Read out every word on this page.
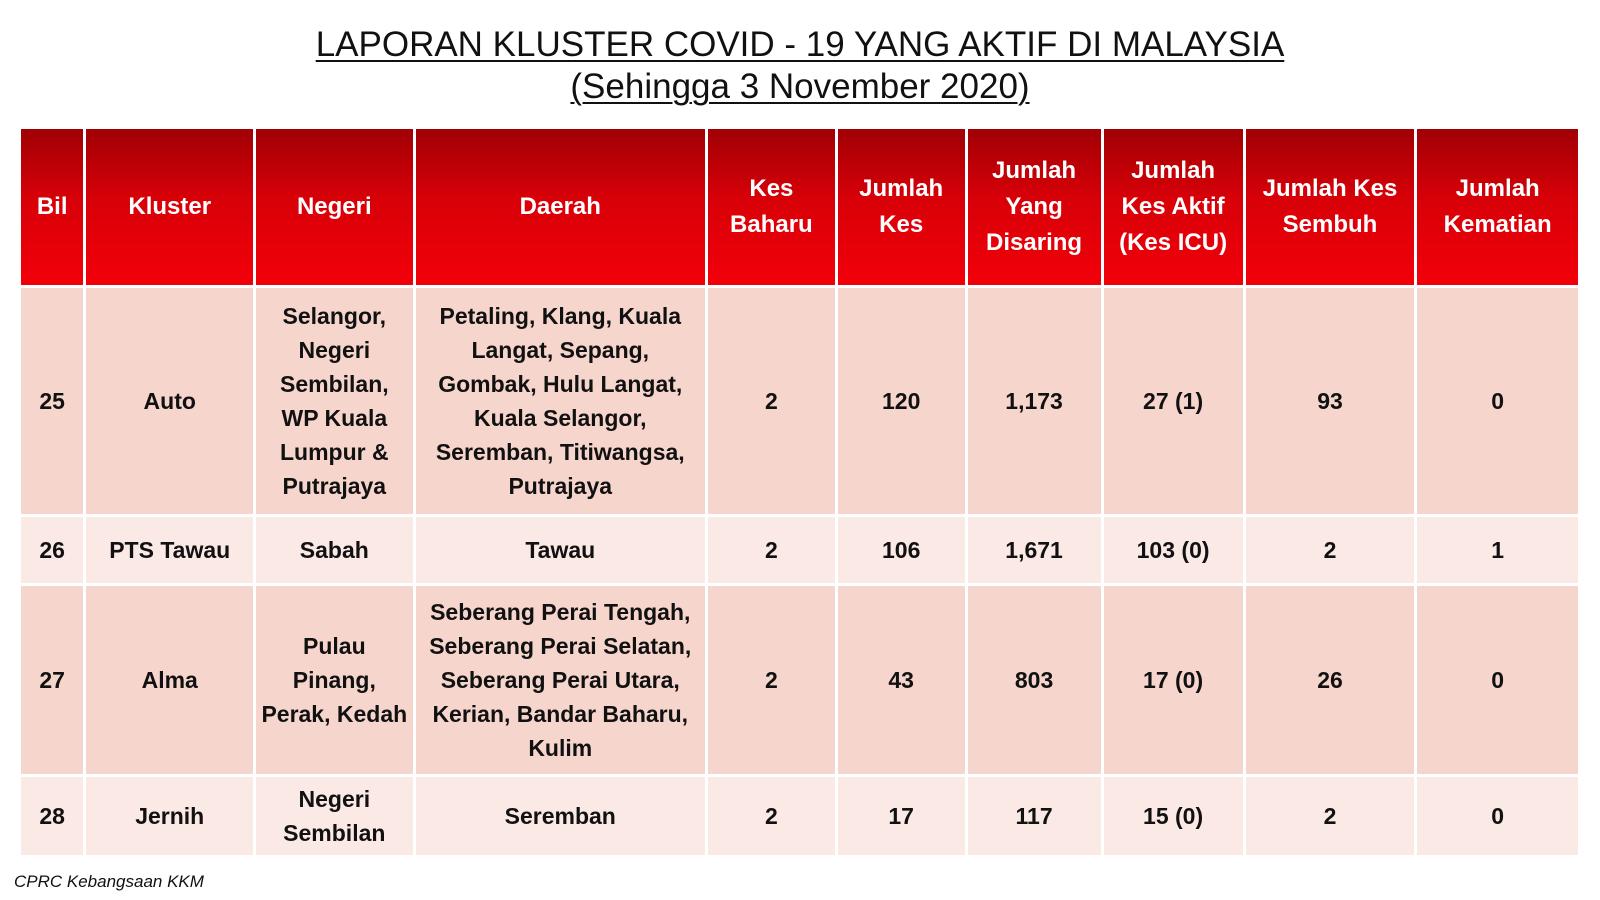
LAPORAN KLUSTER COVID - 19 YANG AKTIF DI MALAYSIA
(Sehingga 3 November 2020)
Bil	Kluster	Negeri	Daerah	Kes Baharu	Jumlah Kes	Jumlah Yang Disaring	Jumlah Kes Aktif (Kes ICU)	Jumlah Kes Sembuh	Jumlah Kematian
25	Auto	Selangor, Negeri Sembilan, WP Kuala Lumpur & Putrajaya	Petaling, Klang, Kuala Langat, Sepang, Gombak, Hulu Langat, Kuala Selangor, Seremban, Titiwangsa, Putrajaya	2	120	1,173	27 (1)	93	0
26	PTS Tawau	Sabah	Tawau	2	106	1,671	103 (0)	2	1
27	Alma	Pulau Pinang, Perak, Kedah	Seberang Perai Tengah, Seberang Perai Selatan, Seberang Perai Utara, Kerian, Bandar Baharu, Kulim	2	43	803	17 (0)	26	0
28	Jernih	Negeri Sembilan	Seremban	2	17	117	15 (0)	2	0
CPRC Kebangsaan KKM
